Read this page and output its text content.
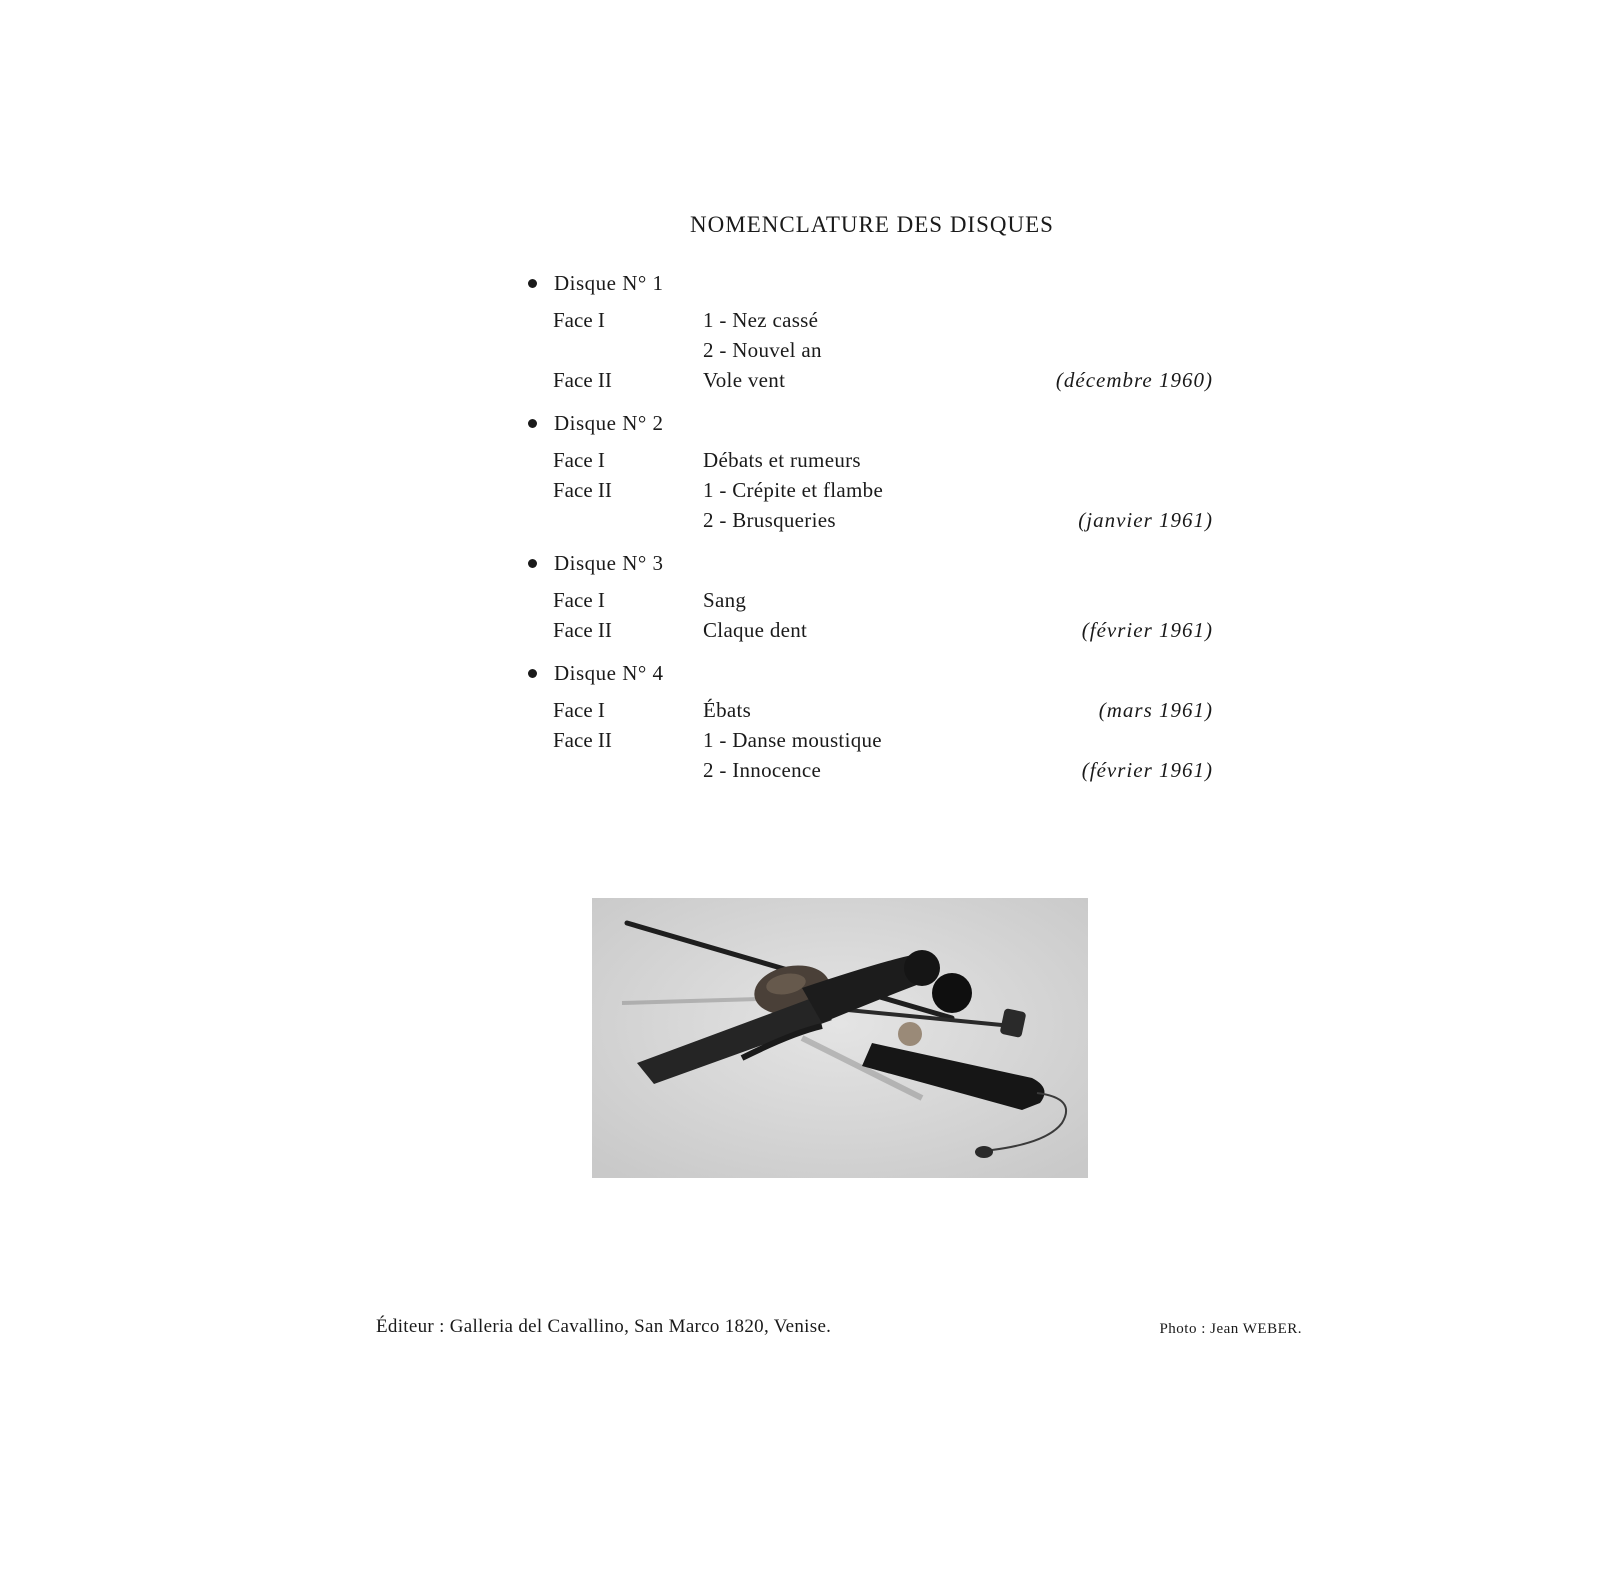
NOMENCLATURE DES DISQUES
Disque N° 1
Face I	1 - Nez cassé
2 - Nouvel an
Face II	Vole vent	(décembre 1960)
Disque N° 2
Face I	Débats et rumeurs
Face II	1 - Crépite et flambe
2 - Brusqueries	(janvier 1961)
Disque N° 3
Face I	Sang
Face II	Claque dent	(février 1961)
Disque N° 4
Face I	Ébats	(mars 1961)
Face II	1 - Danse moustique
2 - Innocence	(février 1961)
Éditeur : Galleria del Cavallino, San Marco 1820, Venise.	Photo : Jean WEBER.
